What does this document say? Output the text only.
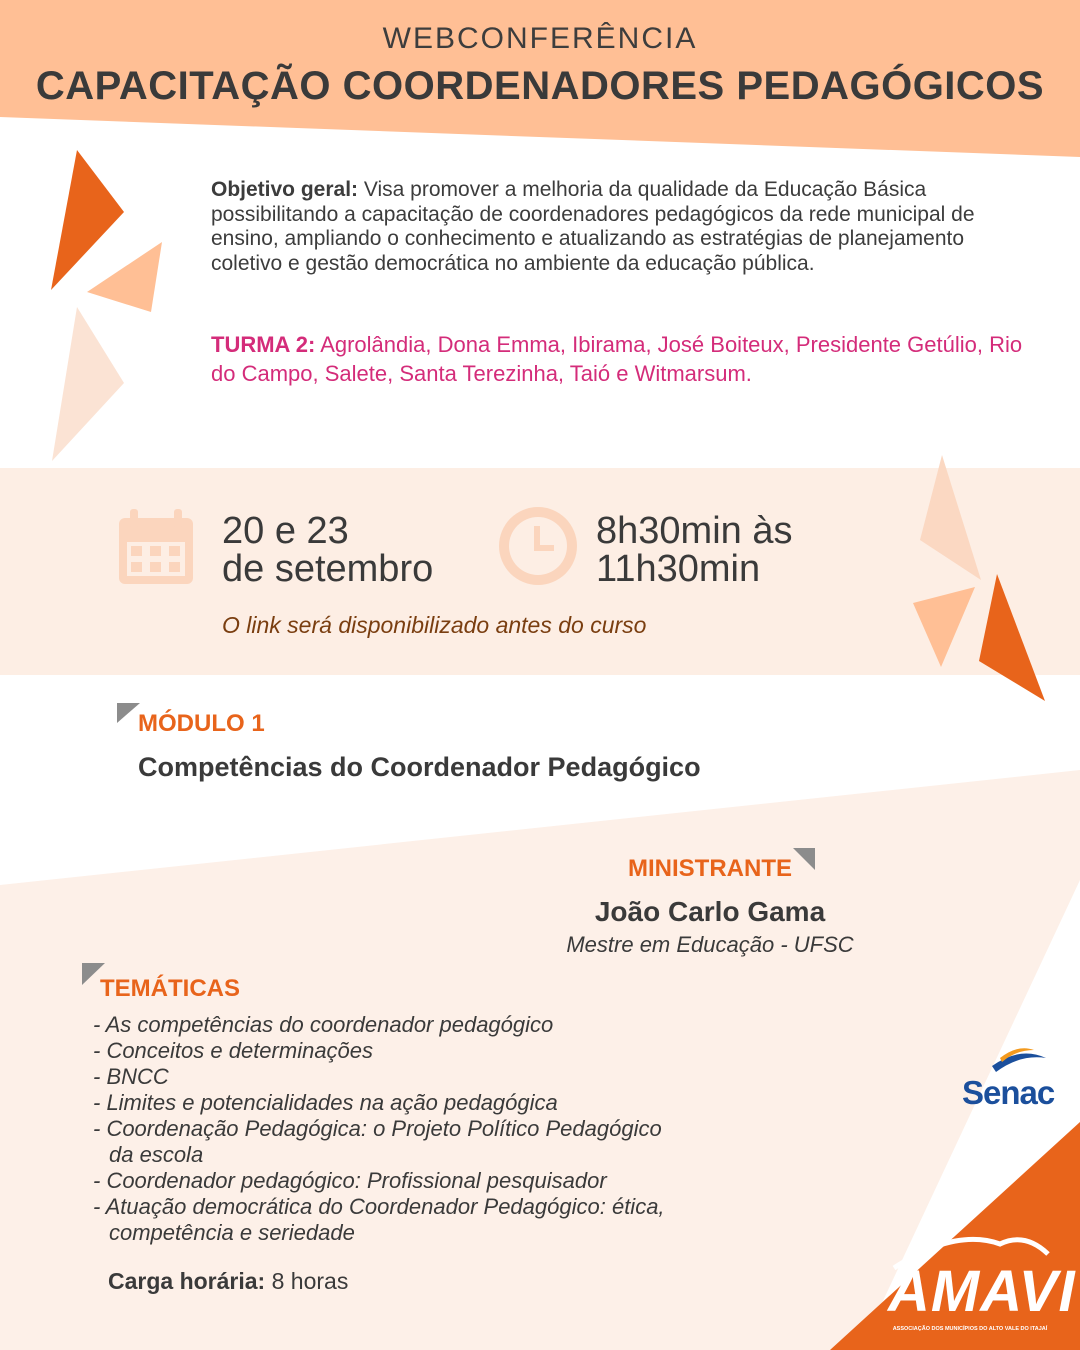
WEBCONFERÊNCIA
CAPACITAÇÃO COORDENADORES PEDAGÓGICOS
Objetivo geral: Visa promover a melhoria da qualidade da Educação Básica possibilitando a capacitação de coordenadores pedagógicos da rede municipal de ensino, ampliando o conhecimento e atualizando as estratégias de planejamento coletivo e gestão democrática no ambiente da educação pública.
TURMA 2: Agrolândia, Dona Emma, Ibirama, José Boiteux, Presidente Getúlio, Rio do Campo, Salete, Santa Terezinha, Taió e Witmarsum.
20 e 23
de setembro
8h30min às
11h30min
O link será disponibilizado antes do curso
MÓDULO 1
Competências do Coordenador Pedagógico
MINISTRANTE
João Carlo Gama
Mestre em Educação - UFSC
TEMÁTICAS
- As competências do coordenador pedagógico
- Conceitos e determinações
- BNCC
- Limites e potencialidades na ação pedagógica
- Coordenação Pedagógica: o Projeto Político Pedagógico da escola
- Coordenador pedagógico: Profissional pesquisador
- Atuação democrática do Coordenador Pedagógico: ética, competência e seriedade
Carga horária: 8 horas
Senac
AMAVI
ASSOCIAÇÃO DOS MUNICÍPIOS DO ALTO VALE DO ITAJAÍ
